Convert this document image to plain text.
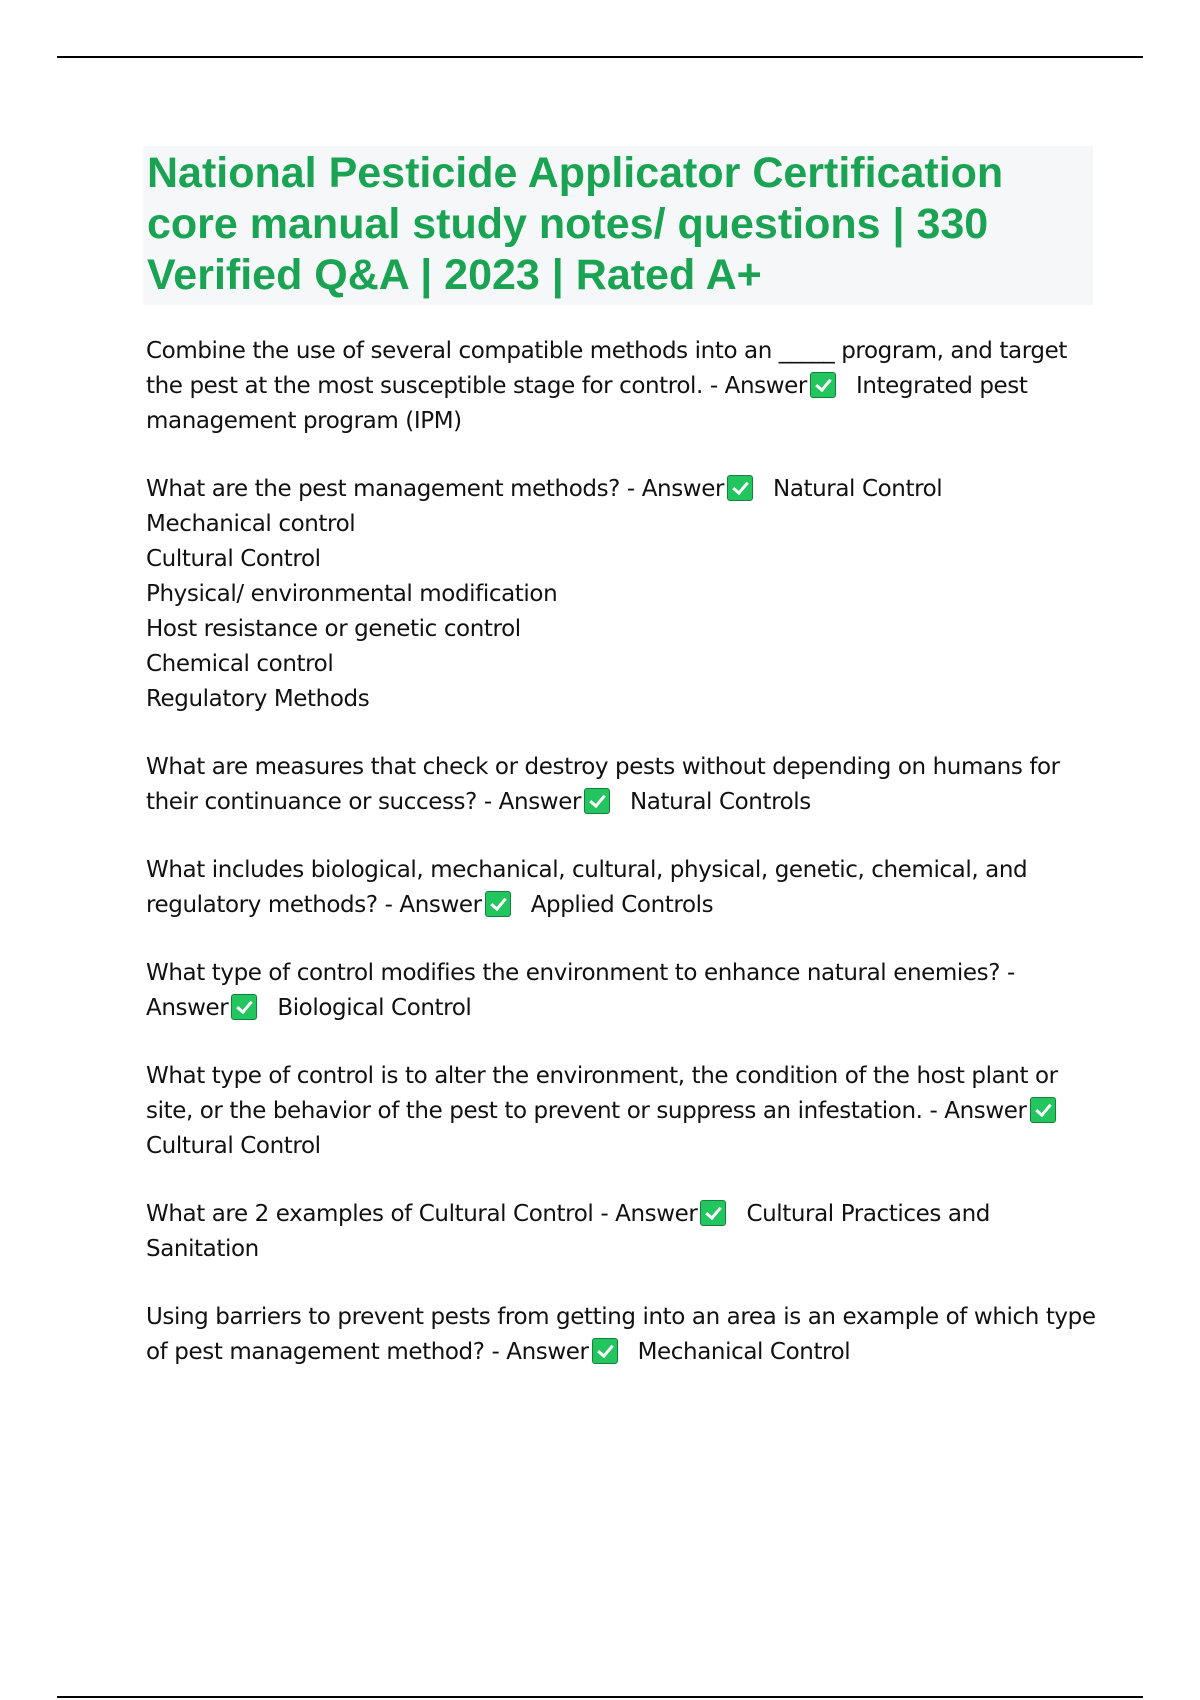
National Pesticide Applicator Certification core manual study notes/ questions | 330 Verified Q&A | 2023 | Rated A+

Combine the use of several compatible methods into an _____ program, and target the pest at the most susceptible stage for control. - Answer Integrated pest management program (IPM)

What are the pest management methods? - Answer Natural Control

Mechanical control
Cultural Control
Physical/ environmental modification
Host resistance or genetic control
Chemical control
Regulatory Methods

What are measures that check or destroy pests without depending on humans for their continuance or success? - Answer Natural Controls

What includes biological, mechanical, cultural, physical, genetic, chemical, and regulatory methods? - Answer Applied Controls

What type of control modifies the environment to enhance natural enemies? - Answer Biological Control

What type of control is to alter the environment, the condition of the host plant or site, or the behavior of the pest to prevent or suppress an infestation. - AnswerCultural Control

What are 2 examples of Cultural Control - Answer Cultural Practices and Sanitation

Using barriers to prevent pests from getting into an area is an example of which type of pest management method? - Answer Mechanical Control
